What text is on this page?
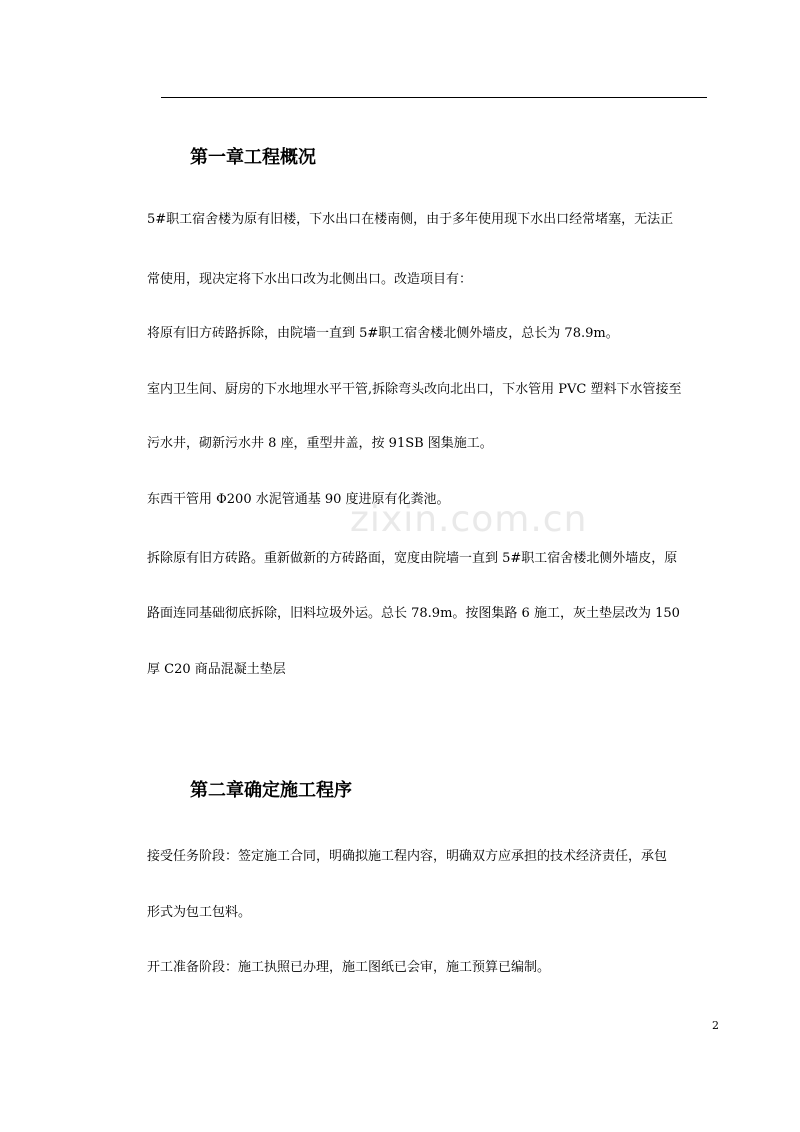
zixin.com.cn
第一章工程概况

5#职工宿舍楼为原有旧楼，下水出口在楼南侧，由于多年使用现下水出口经常堵塞，无法正

常使用，现决定将下水出口改为北侧出口。改造项目有：

将原有旧方砖路拆除，由院墙一直到 5#职工宿舍楼北侧外墙皮，总长为 78.9m。

室内卫生间、厨房的下水地埋水平干管,拆除弯头改向北出口，下水管用 PVC 塑料下水管接至

污水井，砌新污水井 8 座，重型井盖，按 91SB 图集施工。

东西干管用 Φ200 水泥管通基 90 度进原有化粪池。

拆除原有旧方砖路。重新做新的方砖路面，宽度由院墙一直到 5#职工宿舍楼北侧外墙皮，原

路面连同基础彻底拆除，旧料垃圾外运。总长 78.9m。按图集路 6 施工，灰土垫层改为 150

厚 C20 商品混凝土垫层

第二章确定施工程序

接受任务阶段：签定施工合同，明确拟施工程内容，明确双方应承担的技术经济责任，承包

形式为包工包料。

开工准备阶段：施工执照已办理，施工图纸已会审，施工预算已编制。

2
